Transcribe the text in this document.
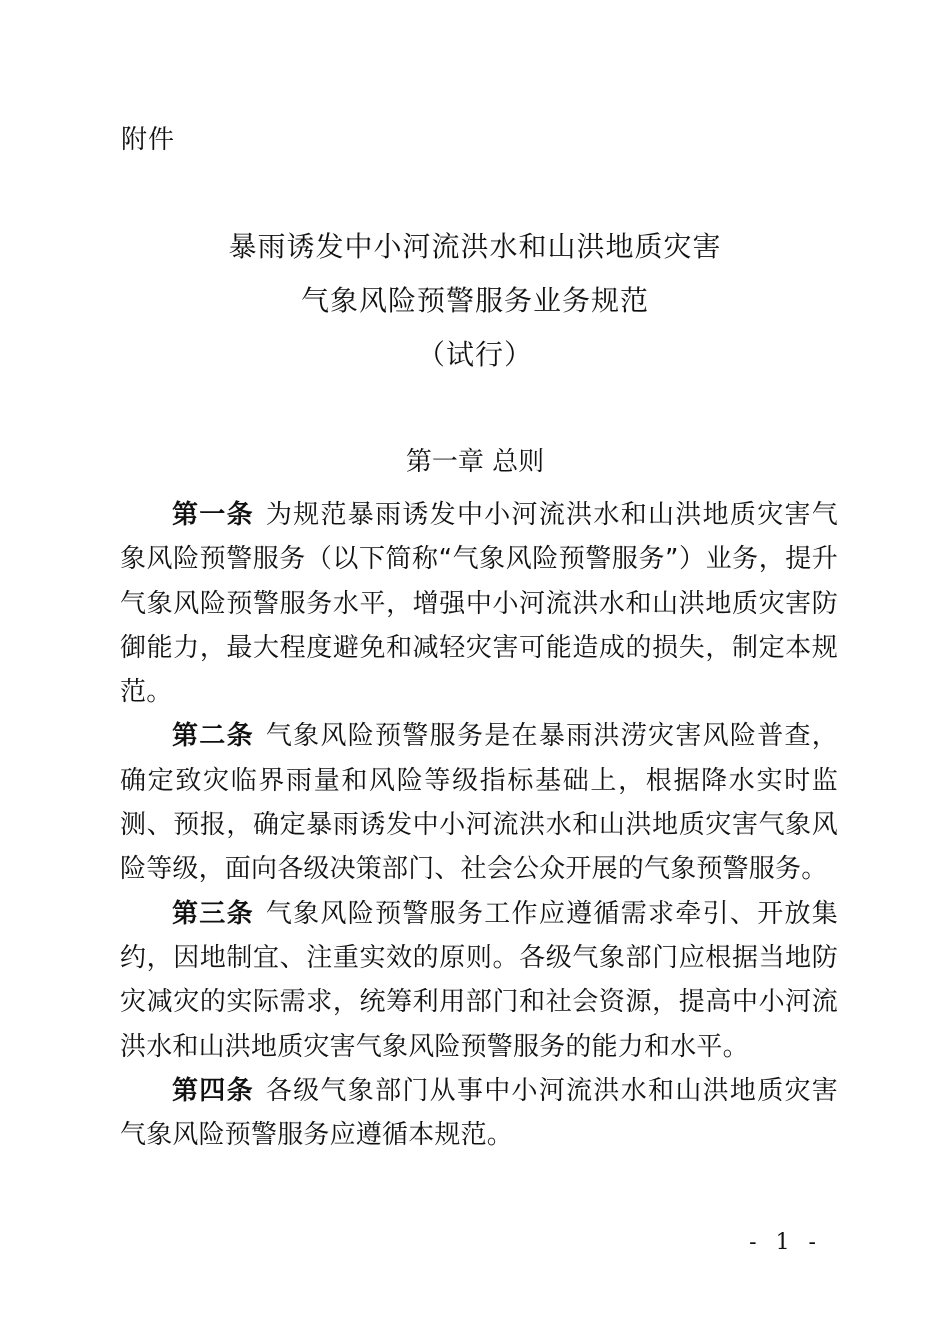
附件
暴雨诱发中小河流洪水和山洪地质灾害
气象风险预警服务业务规范
（试行）
第一章 总则

第一条 为规范暴雨诱发中小河流洪水和山洪地质灾害气象风险预警服务（以下简称“气象风险预警服务”）业务，提升气象风险预警服务水平，增强中小河流洪水和山洪地质灾害防御能力，最大程度避免和减轻灾害可能造成的损失，制定本规范。

第二条 气象风险预警服务是在暴雨洪涝灾害风险普查，确定致灾临界雨量和风险等级指标基础上，根据降水实时监测、预报，确定暴雨诱发中小河流洪水和山洪地质灾害气象风险等级，面向各级决策部门、社会公众开展的气象预警服务。

第三条 气象风险预警服务工作应遵循需求牵引、开放集约，因地制宜、注重实效的原则。各级气象部门应根据当地防灾减灾的实际需求，统筹利用部门和社会资源，提高中小河流洪水和山洪地质灾害气象风险预警服务的能力和水平。

第四条 各级气象部门从事中小河流洪水和山洪地质灾害气象风险预警服务应遵循本规范。

- 1 -
